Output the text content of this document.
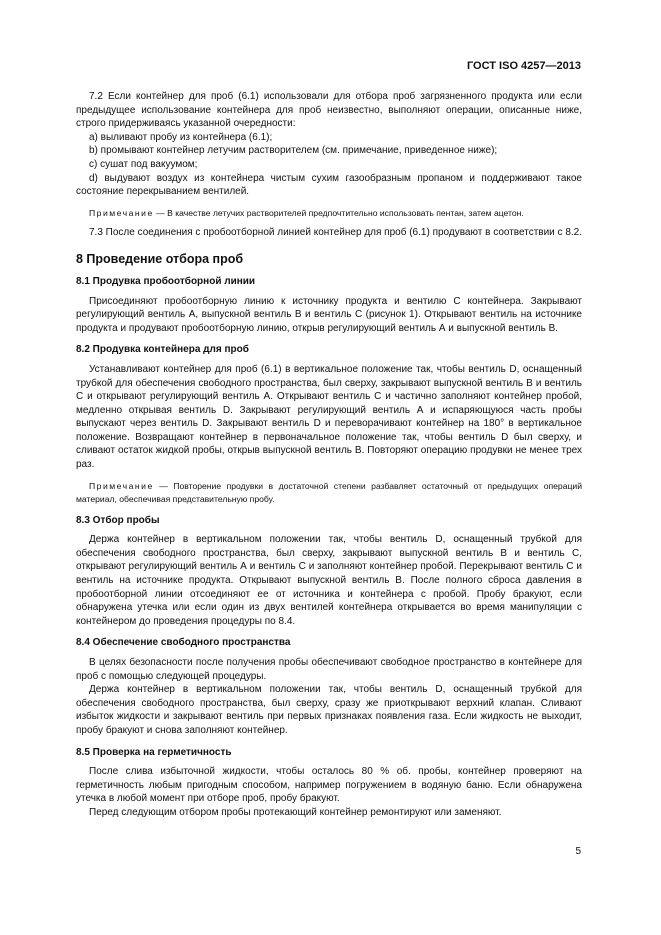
ГОСТ ISO 4257—2013

7.2 Если контейнер для проб (6.1) использовали для отбора проб загрязненного продукта или если предыдущее использование контейнера для проб неизвестно, выполняют операции, описанные ниже, строго придерживаясь указанной очередности:

a) выливают пробу из контейнера (6.1);

b) промывают контейнер летучим растворителем (см. примечание, приведенное ниже);

c) сушат под вакуумом;

d) выдувают воздух из контейнера чистым сухим газообразным пропаном и поддерживают такое состояние перекрыванием вентилей.

Примечание — В качестве летучих растворителей предпочтительно использовать пентан, затем ацетон.

7.3 После соединения с пробоотборной линией контейнер для проб (6.1) продувают в соответствии с 8.2.

8 Проведение отбора проб
8.1 Продувка пробоотборной линии

Присоединяют пробоотборную линию к источнику продукта и вентилю С контейнера. Закрывают регулирующий вентиль А, выпускной вентиль В и вентиль С (рисунок 1). Открывают вентиль на источнике продукта и продувают пробоотборную линию, открыв регулирующий вентиль А и выпускной вентиль В.

8.2 Продувка контейнера для проб

Устанавливают контейнер для проб (6.1) в вертикальное положение так, чтобы вентиль D, оснащенный трубкой для обеспечения свободного пространства, был сверху, закрывают выпускной вентиль В и вентиль С и открывают регулирующий вентиль А. Открывают вентиль С и частично заполняют контейнер пробой, медленно открывая вентиль D. Закрывают регулирующий вентиль А и испаряющуюся часть пробы выпускают через вентиль D. Закрывают вентиль D и переворачивают контейнер на 180° в вертикальное положение. Возвращают контейнер в первоначальное положение так, чтобы вентиль D был сверху, и сливают остаток жидкой пробы, открыв выпускной вентиль В. Повторяют операцию продувки не менее трех раз.

Примечание — Повторение продувки в достаточной степени разбавляет остаточный от предыдущих операций материал, обеспечивая представительную пробу.

8.3 Отбор пробы

Держа контейнер в вертикальном положении так, чтобы вентиль D, оснащенный трубкой для обеспечения свободного пространства, был сверху, закрывают выпускной вентиль В и вентиль С, открывают регулирующий вентиль А и вентиль С и заполняют контейнер пробой. Перекрывают вентиль С и вентиль на источнике продукта. Открывают выпускной вентиль В. После полного сброса давления в пробоотборной линии отсоединяют ее от источника и контейнера с пробой. Пробу бракуют, если обнаружена утечка или если один из двух вентилей контейнера открывается во время манипуляции с контейнером до проведения процедуры по 8.4.

8.4 Обеспечение свободного пространства

В целях безопасности после получения пробы обеспечивают свободное пространство в контейнере для проб с помощью следующей процедуры.

Держа контейнер в вертикальном положении так, чтобы вентиль D, оснащенный трубкой для обеспечения свободного пространства, был сверху, сразу же приоткрывают верхний клапан. Сливают избыток жидкости и закрывают вентиль при первых признаках появления газа. Если жидкость не выходит, пробу бракуют и снова заполняют контейнер.

8.5 Проверка на герметичность

После слива избыточной жидкости, чтобы осталось 80 % об. пробы, контейнер проверяют на герметичность любым пригодным способом, например погружением в водяную баню. Если обнаружена утечка в любой момент при отборе проб, пробу бракуют.

Перед следующим отбором пробы протекающий контейнер ремонтируют или заменяют.

5
